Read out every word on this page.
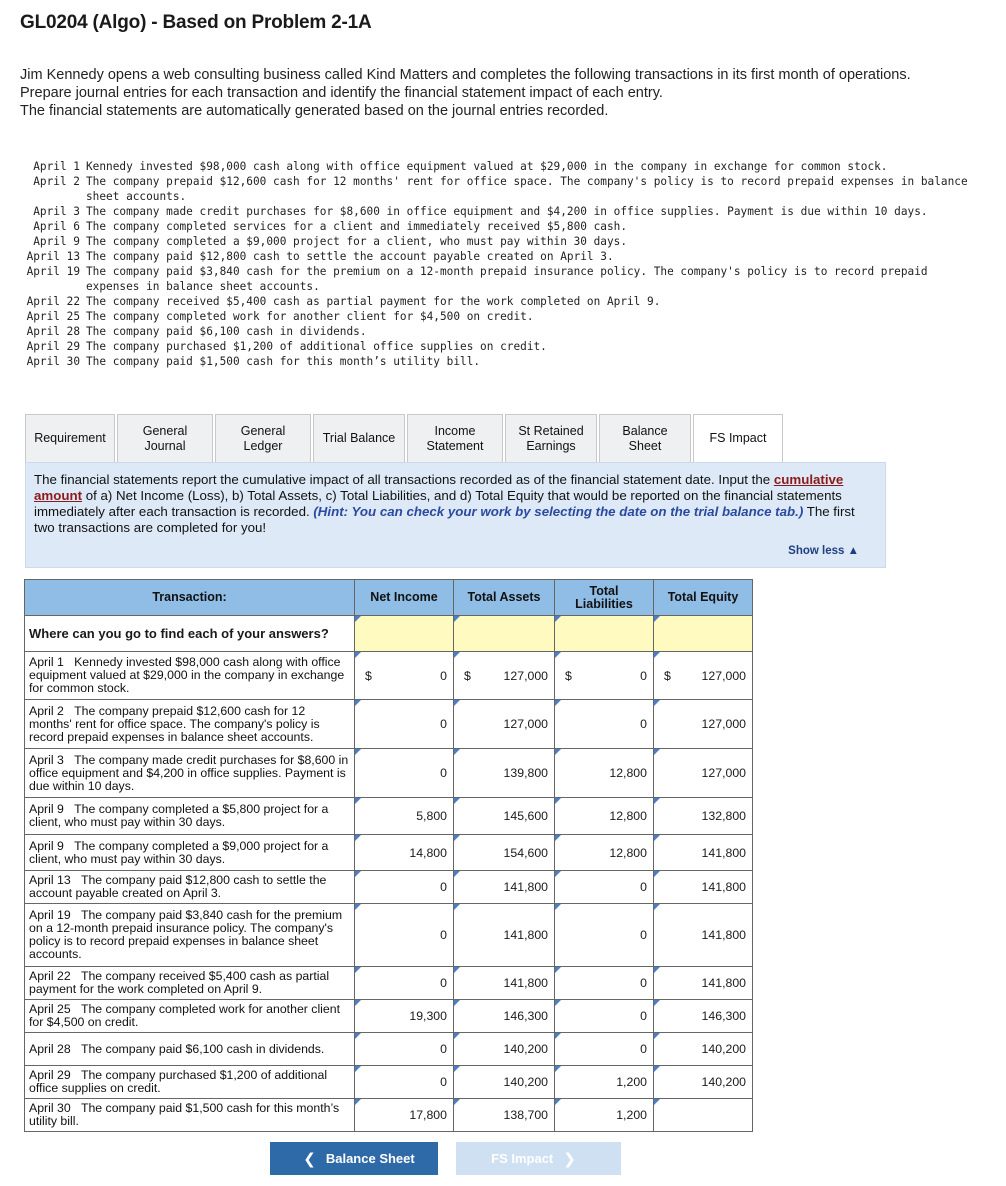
GL0204 (Algo) - Based on Problem 2-1A
Jim Kennedy opens a web consulting business called Kind Matters and completes the following transactions in its first month of operations.
Prepare journal entries for each transaction and identify the financial statement impact of each entry.
The financial statements are automatically generated based on the journal entries recorded.
April 1 Kennedy invested $98,000 cash along with office equipment valued at $29,000 in the company in exchange for common stock.
April 2 The company prepaid $12,600 cash for 12 months' rent for office space. The company's policy is to record prepaid expenses in balance sheet accounts.
April 3 The company made credit purchases for $8,600 in office equipment and $4,200 in office supplies. Payment is due within 10 days.
April 6 The company completed services for a client and immediately received $5,800 cash.
April 9 The company completed a $9,000 project for a client, who must pay within 30 days.
April 13 The company paid $12,800 cash to settle the account payable created on April 3.
April 19 The company paid $3,840 cash for the premium on a 12-month prepaid insurance policy. The company's policy is to record prepaid expenses in balance sheet accounts.
April 22 The company received $5,400 cash as partial payment for the work completed on April 9.
April 25 The company completed work for another client for $4,500 on credit.
April 28 The company paid $6,100 cash in dividends.
April 29 The company purchased $1,200 of additional office supplies on credit.
April 30 The company paid $1,500 cash for this month’s utility bill.
Requirement
General
Journal
General
Ledger
Trial Balance
Income
Statement
St Retained
Earnings
Balance Sheet
FS Impact
The financial statements report the cumulative impact of all transactions recorded as of the financial statement date. Input the cumulative amount of a) Net Income (Loss), b) Total Assets, c) Total Liabilities, and d) Total Equity that would be reported on the financial statements immediately after each transaction is recorded. (Hint: You can check your work by selecting the date on the trial balance tab.) The first two transactions are completed for you!
Show less ▲
Transaction:	Net Income	Total Assets	Total
Liabilities	Total Equity
Where can you go to find each of your answers?				
April 1 Kennedy invested $98,000 cash along with office equipment valued at $29,000 in the company in exchange for common stock.	$ 0	$ 127,000	$ 0	$ 127,000
April 2 The company prepaid $12,600 cash for 12 months' rent for office space. The company's policy is record prepaid expenses in balance sheet accounts.	0	127,000	0	127,000
April 3 The company made credit purchases for $8,600 in office equipment and $4,200 in office supplies. Payment is due within 10 days.	0	139,800	12,800	127,000
April 9 The company completed a $5,800 project for a client, who must pay within 30 days.	5,800	145,600	12,800	132,800
April 9 The company completed a $9,000 project for a client, who must pay within 30 days.	14,800	154,600	12,800	141,800
April 13 The company paid $12,800 cash to settle the account payable created on April 3.	0	141,800	0	141,800
April 19 The company paid $3,840 cash for the premium on a 12-month prepaid insurance policy. The company's policy is to record prepaid expenses in balance sheet accounts.	0	141,800	0	141,800
April 22 The company received $5,400 cash as partial payment for the work completed on April 9.	0	141,800	0	141,800
April 25 The company completed work for another client for $4,500 on credit.	19,300	146,300	0	146,300
April 28 The company paid $6,100 cash in dividends.	0	140,200	0	140,200
April 29 The company purchased $1,200 of additional office supplies on credit.	0	140,200	1,200	140,200
April 30 The company paid $1,500 cash for this month’s utility bill.	17,800	138,700	1,200	
❮ Balance Sheet	FS Impact ❯
